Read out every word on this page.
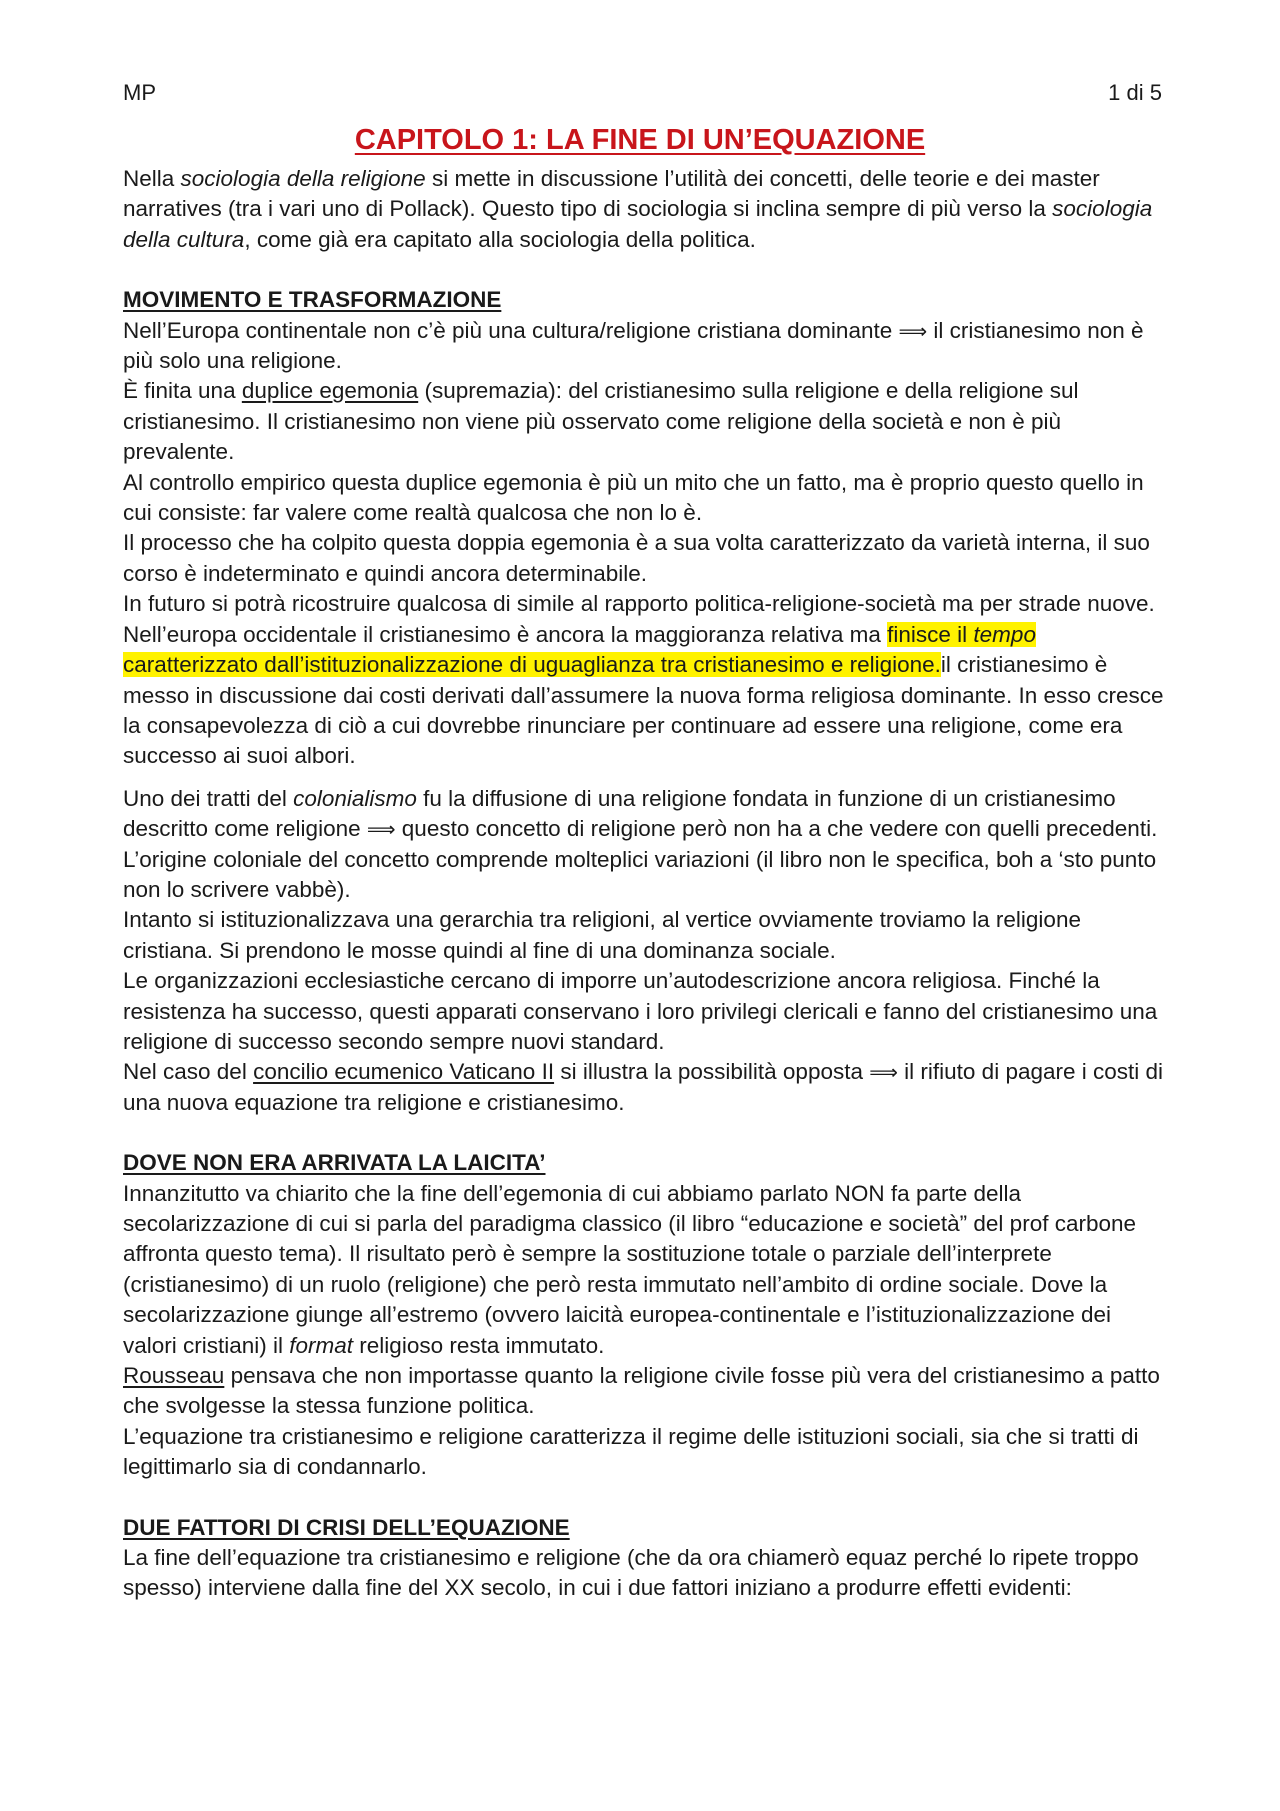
MP	1 di 5
CAPITOLO 1: LA FINE DI UN’EQUAZIONE

Nella sociologia della religione si mette in discussione l’utilità dei concetti, delle teorie e dei master narratives (tra i vari uno di Pollack). Questo tipo di sociologia si inclina sempre di più verso la sociologia della cultura, come già era capitato alla sociologia della politica.

MOVIMENTO E TRASFORMAZIONE

Nell’Europa continentale non c’è più una cultura/religione cristiana dominante ⟹ il cristianesimo non è più solo una religione.

È finita una duplice egemonia (supremazia): del cristianesimo sulla religione e della religione sul cristianesimo. Il cristianesimo non viene più osservato come religione della società e non è più prevalente.

Al controllo empirico questa duplice egemonia è più un mito che un fatto, ma è proprio questo quello in cui consiste: far valere come realtà qualcosa che non lo è.

Il processo che ha colpito questa doppia egemonia è a sua volta caratterizzato da varietà interna, il suo corso è indeterminato e quindi ancora determinabile.

In futuro si potrà ricostruire qualcosa di simile al rapporto politica-religione-società ma per strade nuove. Nell’europa occidentale il cristianesimo è ancora la maggioranza relativa ma finisce il tempo caratterizzato dall’istituzionalizzazione di uguaglianza tra cristianesimo e religione.il cristianesimo è messo in discussione dai costi derivati dall’assumere la nuova forma religiosa dominante. In esso cresce la consapevolezza di ciò a cui dovrebbe rinunciare per continuare ad essere una religione, come era successo ai suoi albori.

Uno dei tratti del colonialismo fu la diffusione di una religione fondata in funzione di un cristianesimo descritto come religione ⟹ questo concetto di religione però non ha a che vedere con quelli precedenti. L’origine coloniale del concetto comprende molteplici variazioni (il libro non le specifica, boh a ‘sto punto non lo scrivere vabbè).

Intanto si istituzionalizzava una gerarchia tra religioni, al vertice ovviamente troviamo la religione cristiana. Si prendono le mosse quindi al fine di una dominanza sociale.

Le organizzazioni ecclesiastiche cercano di imporre un’autodescrizione ancora religiosa. Finché la resistenza ha successo, questi apparati conservano i loro privilegi clericali e fanno del cristianesimo una religione di successo secondo sempre nuovi standard.

Nel caso del concilio ecumenico Vaticano II si illustra la possibilità opposta ⟹ il rifiuto di pagare i costi di una nuova equazione tra religione e cristianesimo.

DOVE NON ERA ARRIVATA LA LAICITA’

Innanzitutto va chiarito che la fine dell’egemonia di cui abbiamo parlato NON fa parte della secolarizzazione di cui si parla del paradigma classico (il libro “educazione e società” del prof carbone affronta questo tema). Il risultato però è sempre la sostituzione totale o parziale dell’interprete (cristianesimo) di un ruolo (religione) che però resta immutato nell’ambito di ordine sociale. Dove la secolarizzazione giunge all’estremo (ovvero laicità europea-continentale e l’istituzionalizzazione dei valori cristiani) il format religioso resta immutato.

Rousseau pensava che non importasse quanto la religione civile fosse più vera del cristianesimo a patto che svolgesse la stessa funzione politica.

L’equazione tra cristianesimo e religione caratterizza il regime delle istituzioni sociali, sia che si tratti di legittimarlo sia di condannarlo.

DUE FATTORI DI CRISI DELL’EQUAZIONE

La fine dell’equazione tra cristianesimo e religione (che da ora chiamerò equaz perché lo ripete troppo spesso) interviene dalla fine del XX secolo, in cui i due fattori iniziano a produrre effetti evidenti:
